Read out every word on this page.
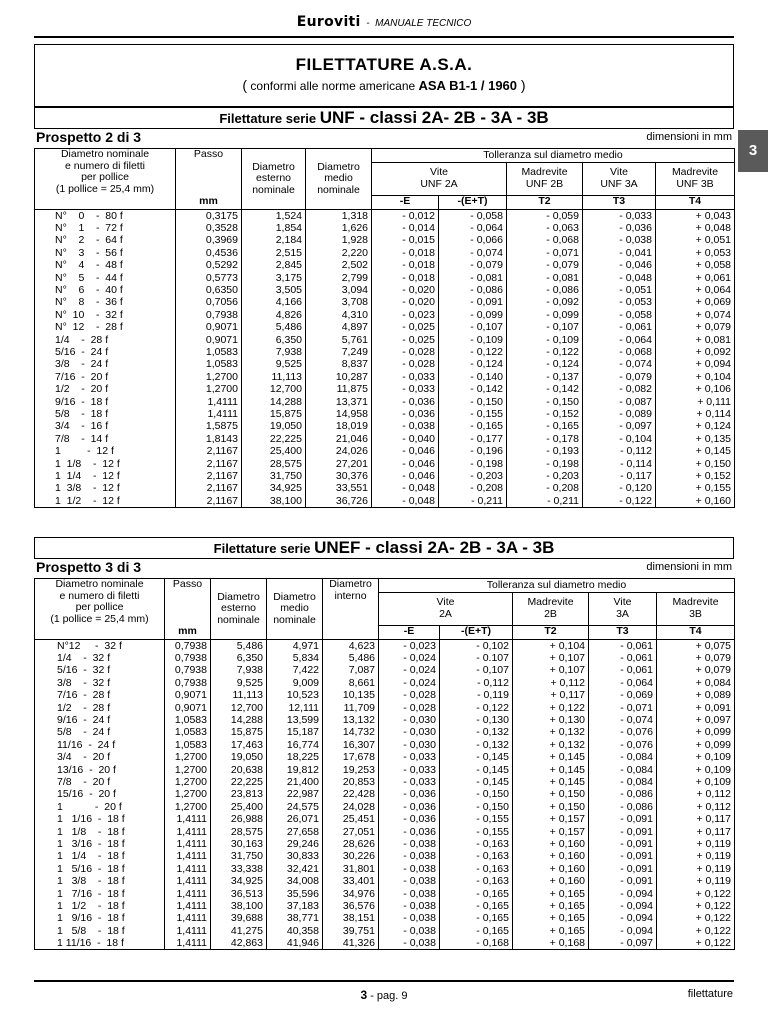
Euroviti - MANUALE TECNICO
FILETTATURE A.S.A.
( conformi alle norme americane ASA B1-1 / 1960 )
3
Filettature serie UNF - classi 2A- 2B - 3A - 3B
Prospetto 2 di 3	dimensioni in mm
Diametro nominale
e numero di filetti
per pollice
(1 pollice = 25,4 mm)	Passo	Diametro
esterno
nominale	Diametro
medio
nominale	Tolleranza sul diametro medio				
				Vite
UNF 2A		Madrevite
UNF 2B	Vite
UNF 3A	Madrevite
UNF 3B
	mm			-E	-(E+T)	T2	T3	T4
N°    0    -  80 f	0,3175	1,524	1,318	- 0,012	- 0,058	- 0,059	- 0,033	+ 0,043
N°    1    -  72 f	0,3528	1,854	1,626	- 0,014	- 0,064	- 0,063	- 0,036	+ 0,048
N°    2    -  64 f	0,3969	2,184	1,928	- 0,015	- 0,066	- 0,068	- 0,038	+ 0,051
N°    3    -  56 f	0,4536	2,515	2,220	- 0,018	- 0,074	- 0,071	- 0,041	+ 0,053
N°    4    -  48 f	0,5292	2,845	2,502	- 0,018	- 0,079	- 0,079	- 0,046	+ 0,058
N°    5    -  44 f	0,5773	3,175	2,799	- 0,018	- 0,081	- 0,081	- 0,048	+ 0,061
N°    6    -  40 f	0,6350	3,505	3,094	- 0,020	- 0,086	- 0,086	- 0,051	+ 0,064
N°    8    -  36 f	0,7056	4,166	3,708	- 0,020	- 0,091	- 0,092	- 0,053	+ 0,069
N°  10    -  32 f	0,7938	4,826	4,310	- 0,023	- 0,099	- 0,099	- 0,058	+ 0,074
N°  12    -  28 f	0,9071	5,486	4,897	- 0,025	- 0,107	- 0,107	- 0,061	+ 0,079
1/4    -  28 f	0,9071	6,350	5,761	- 0,025	- 0,109	- 0,109	- 0,064	+ 0,081
5/16  -  24 f	1,0583	7,938	7,249	- 0,028	- 0,122	- 0,122	- 0,068	+ 0,092
3/8    -  24 f	1,0583	9,525	8,837	- 0,028	- 0,124	- 0,124	- 0,074	+ 0,094
7/16  -  20 f	1,2700	11,113	10,287	- 0,033	- 0,140	- 0,137	- 0,079	+ 0,104
1/2    -  20 f	1,2700	12,700	11,875	- 0,033	- 0,142	- 0,142	- 0,082	+ 0,106
9/16  -  18 f	1,4111	14,288	13,371	- 0,036	- 0,150	- 0,150	- 0,087	+ 0,111
5/8    -  18 f	1,4111	15,875	14,958	- 0,036	- 0,155	- 0,152	- 0,089	+ 0,114
3/4    -  16 f	1,5875	19,050	18,019	- 0,038	- 0,165	- 0,165	- 0,097	+ 0,124
7/8    -  14 f	1,8143	22,225	21,046	- 0,040	- 0,177	- 0,178	- 0,104	+ 0,135
1         -  12 f	2,1167	25,400	24,026	- 0,046	- 0,196	- 0,193	- 0,112	+ 0,145
1  1/8    -  12 f	2,1167	28,575	27,201	- 0,046	- 0,198	- 0,198	- 0,114	+ 0,150
1  1/4    -  12 f	2,1167	31,750	30,376	- 0,046	- 0,203	- 0,203	- 0,117	+ 0,152
1  3/8    -  12 f	2,1167	34,925	33,551	- 0,048	- 0,208	- 0,208	- 0,120	+ 0,155
1  1/2    -  12 f	2,1167	38,100	36,726	- 0,048	- 0,211	- 0,211	- 0,122	+ 0,160
Filettature serie UNEF - classi 2A- 2B - 3A - 3B
Prospetto 3 di 3	dimensioni in mm
Diametro nominale
e numero di filetti
per pollice
(1 pollice = 25,4 mm)	Passo	Diametro
esterno
nominale	Diametro
medio
nominale	Diametro
interno	Tolleranza sul diametro medio				
					Vite
2A		Madrevite
2B	Vite
3A	Madrevite
3B
	mm				-E	-(E+T)	T2	T3	T4
N°12     -  32 f	0,7938	5,486	4,971	4,623	- 0,023	- 0,102	+ 0,104	- 0,061	+ 0,075
1/4    -  32 f	0,7938	6,350	5,834	5,486	- 0,024	- 0.107	+ 0,107	- 0,061	+ 0,079
5/16  -  32 f	0,7938	7,938	7,422	7,087	- 0,024	- 0,107	+ 0,107	- 0,061	+ 0,079
3/8    -  32 f	0,7938	9,525	9,009	8,661	- 0,024	- 0,112	+ 0,112	- 0,064	+ 0,084
7/16  -  28 f	0,9071	11,113	10,523	10,135	- 0,028	- 0,119	+ 0,117	- 0,069	+ 0,089
1/2    -  28 f	0,9071	12,700	12,111	11,709	- 0,028	- 0,122	+ 0,122	- 0,071	+ 0,091
9/16  -  24 f	1,0583	14,288	13,599	13,132	- 0,030	- 0,130	+ 0,130	- 0,074	+ 0,097
5/8    -  24 f	1,0583	15,875	15,187	14,732	- 0,030	- 0,132	+ 0,132	- 0,076	+ 0,099
11/16  -  24 f	1,0583	17,463	16,774	16,307	- 0,030	- 0,132	+ 0,132	- 0,076	+ 0,099
3/4    -  20 f	1,2700	19,050	18,225	17,678	- 0,033	- 0,145	+ 0,145	- 0,084	+ 0,109
13/16  -  20 f	1,2700	20,638	19,812	19,253	- 0,033	- 0,145	+ 0,145	- 0,084	+ 0,109
7/8    -  20 f	1,2700	22,225	21,400	20,853	- 0,033	- 0,145	+ 0,145	- 0,084	+ 0,109
15/16  -  20 f	1,2700	23,813	22,987	22,428	- 0,036	- 0,150	+ 0,150	- 0,086	+ 0,112
1           -  20 f	1,2700	25,400	24,575	24,028	- 0,036	- 0,150	+ 0,150	- 0,086	+ 0,112
1   1/16  -  18 f	1,4111	26,988	26,071	25,451	- 0,036	- 0,155	+ 0,157	- 0,091	+ 0,117
1   1/8    -  18 f	1,4111	28,575	27,658	27,051	- 0,036	- 0,155	+ 0,157	- 0,091	+ 0,117
1   3/16  -  18 f	1,4111	30,163	29,246	28,626	- 0,038	- 0,163	+ 0,160	- 0,091	+ 0,119
1   1/4    -  18 f	1,4111	31,750	30,833	30,226	- 0,038	- 0,163	+ 0,160	- 0,091	+ 0,119
1   5/16  -  18 f	1,4111	33,338	32,421	31,801	- 0,038	- 0,163	+ 0,160	- 0,091	+ 0,119
1   3/8    -  18 f	1,4111	34,925	34,008	33,401	- 0,038	- 0,163	+ 0,160	- 0,091	+ 0,119
1   7/16  -  18 f	1,4111	36,513	35,596	34,976	- 0,038	- 0,165	+ 0,165	- 0,094	+ 0,122
1   1/2    -  18 f	1,4111	38,100	37,183	36,576	- 0,038	- 0,165	+ 0,165	- 0,094	+ 0,122
1   9/16  -  18 f	1,4111	39,688	38,771	38,151	- 0,038	- 0,165	+ 0,165	- 0,094	+ 0,122
1   5/8    -  18 f	1,4111	41,275	40,358	39,751	- 0,038	- 0,165	+ 0,165	- 0,094	+ 0,122
1 11/16  -  18 f	1,4111	42,863	41,946	41,326	- 0,038	- 0,168	+ 0,168	- 0,097	+ 0,122
3 - pag. 9	filettature
